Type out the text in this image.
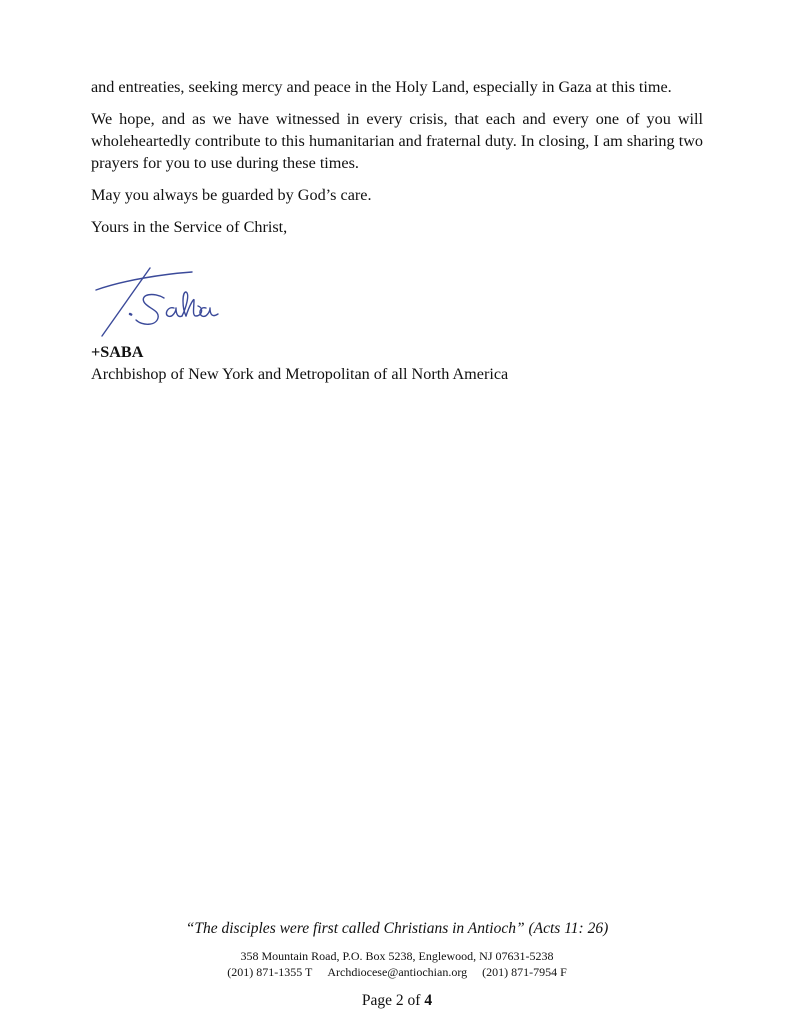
and entreaties, seeking mercy and peace in the Holy Land, especially in Gaza at this time.

We hope, and as we have witnessed in every crisis, that each and every one of you will wholeheartedly contribute to this humanitarian and fraternal duty. In closing, I am sharing two prayers for you to use during these times.

May you always be guarded by God’s care.

Yours in the Service of Christ,

+SABA
Archbishop of New York and Metropolitan of all North America
“The disciples were first called Christians in Antioch” (Acts 11: 26)
358 Mountain Road, P.O. Box 5238, Englewood, NJ 07631-5238
(201) 871-1355 T Archdiocese@antiochian.org (201) 871-7954 F
Page 2 of 4
